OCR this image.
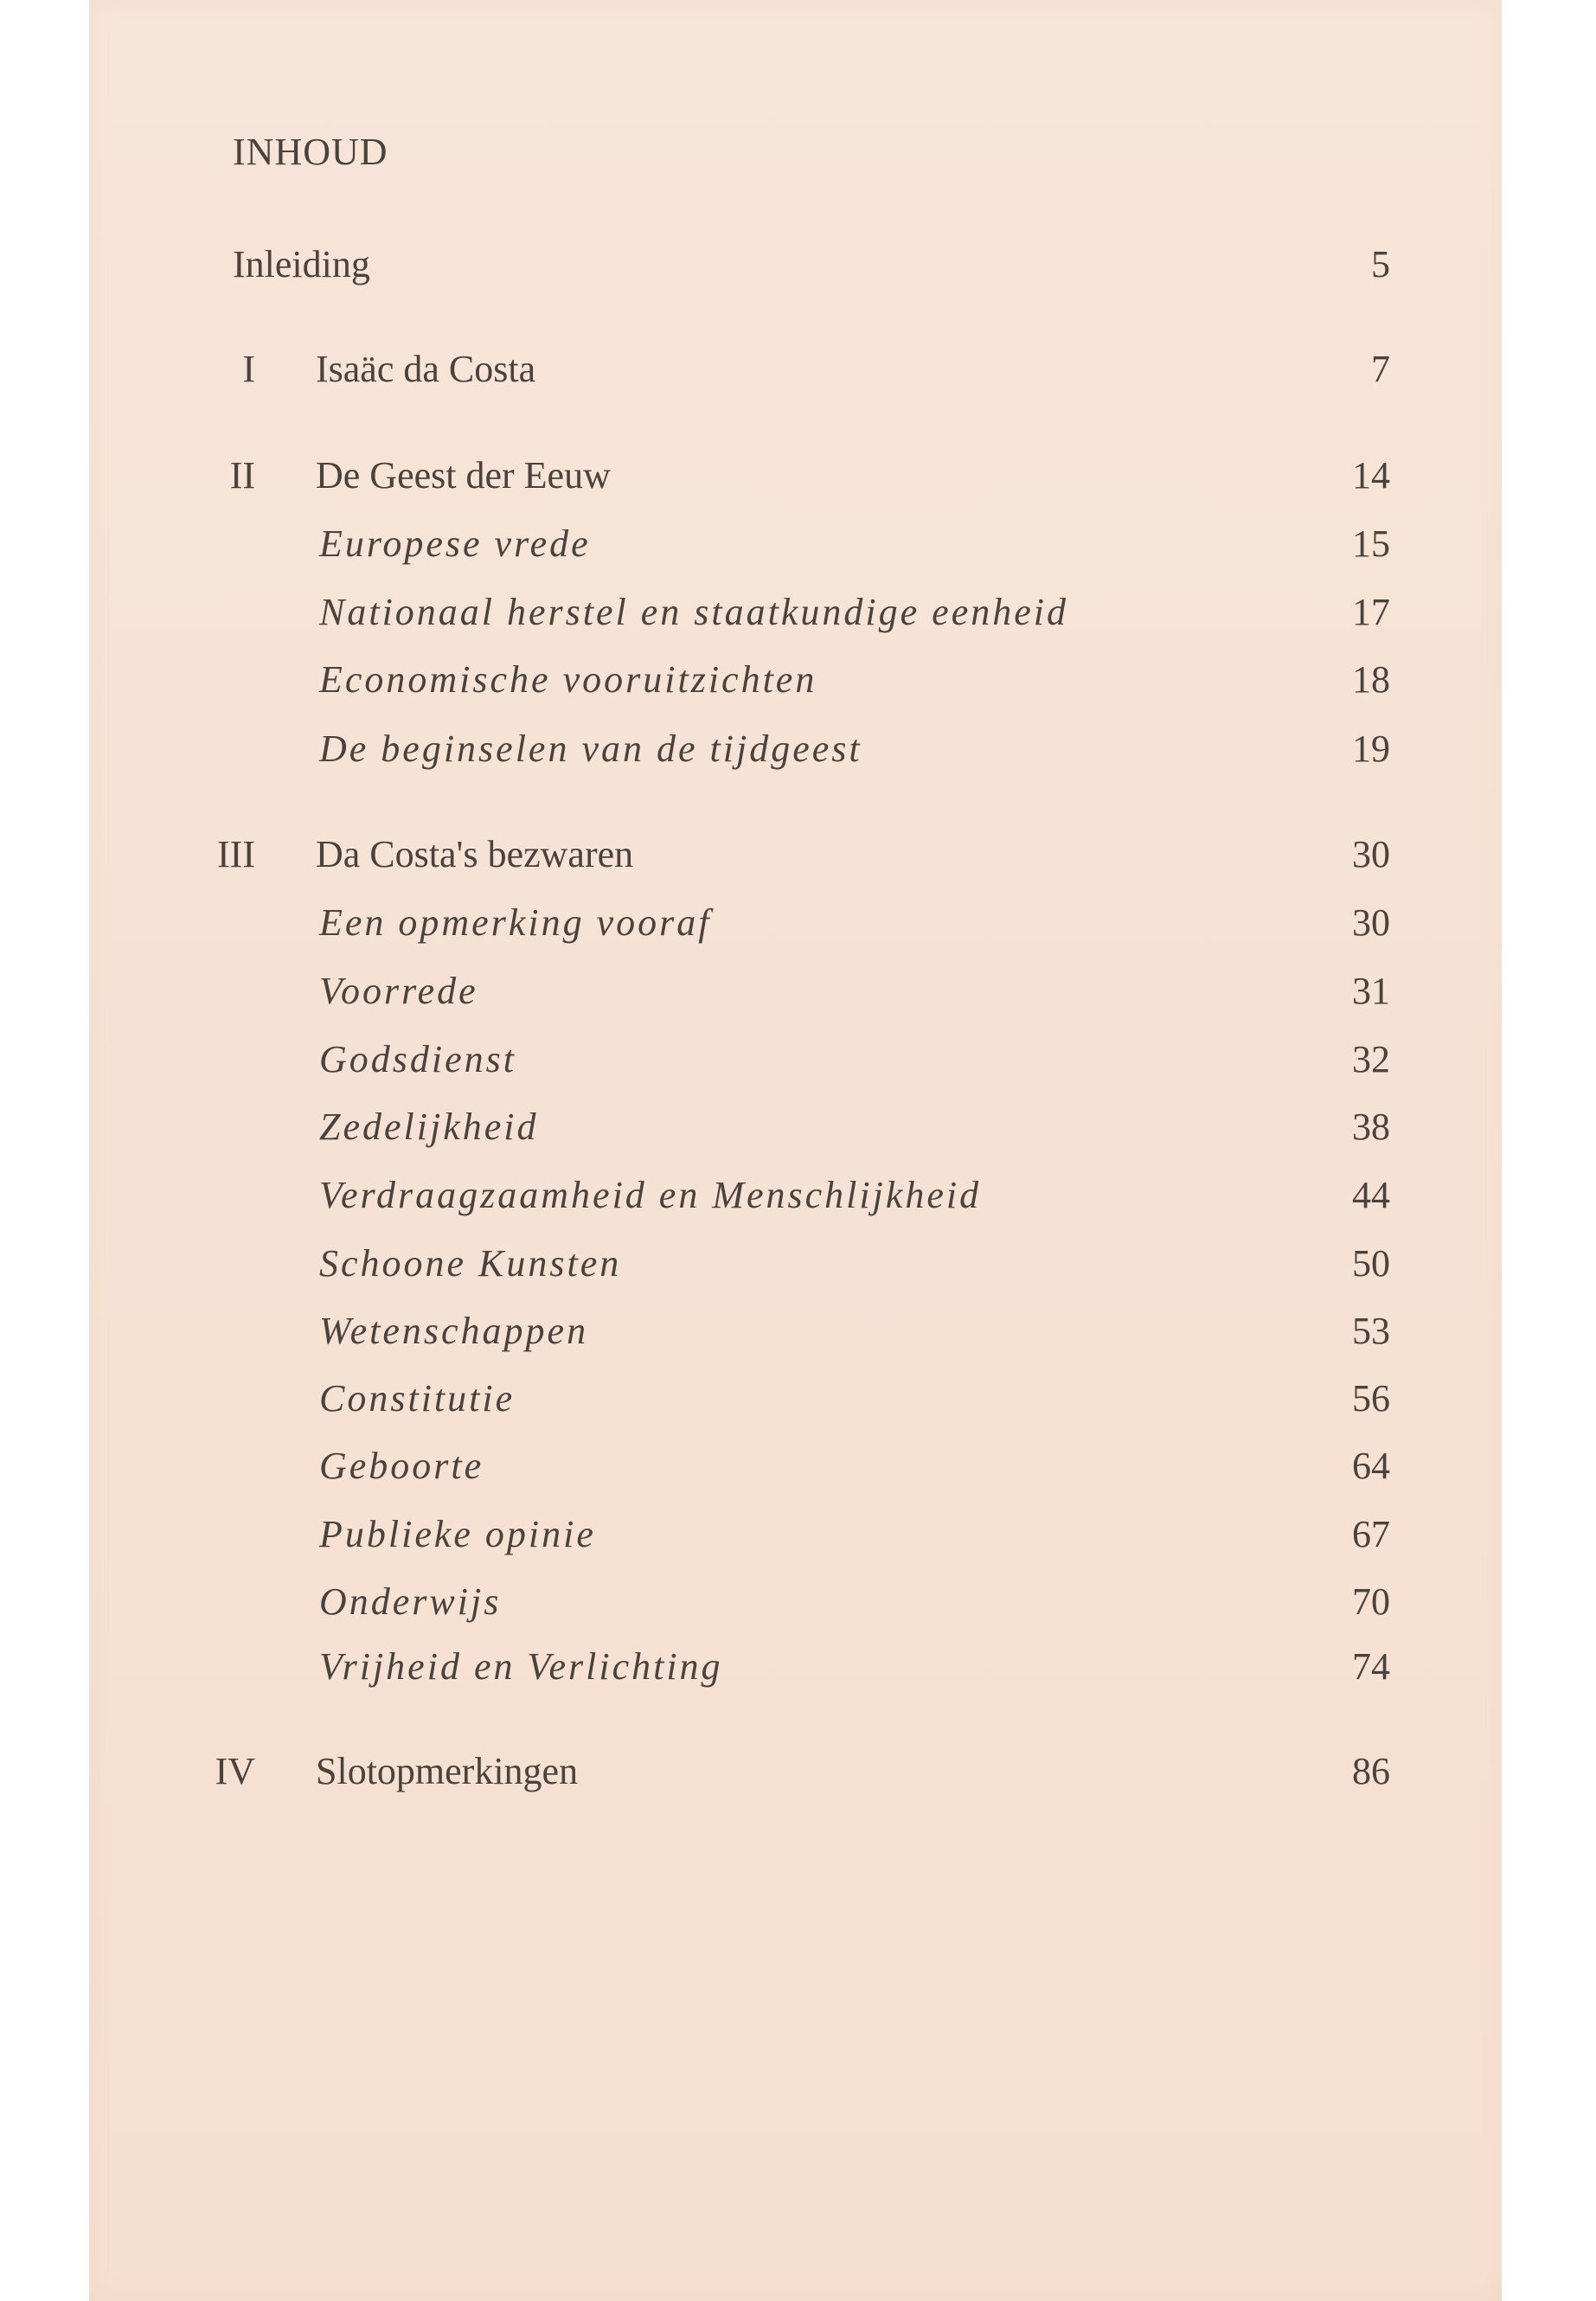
INHOUD
Inleiding	5
I Isaäc da Costa	7
II De Geest der Eeuw	14
Europese vrede	15
Nationaal herstel en staatkundige eenheid	17
Economische vooruitzichten	18
De beginselen van de tijdgeest	19
III Da Costa's bezwaren	30
Een opmerking vooraf	30
Voorrede	31
Godsdienst	32
Zedelijkheid	38
Verdraagzaamheid en Menschlijkheid	44
Schoone Kunsten	50
Wetenschappen	53
Constitutie	56
Geboorte	64
Publieke opinie	67
Onderwijs	70
Vrijheid en Verlichting	74
IV Slotopmerkingen	86
